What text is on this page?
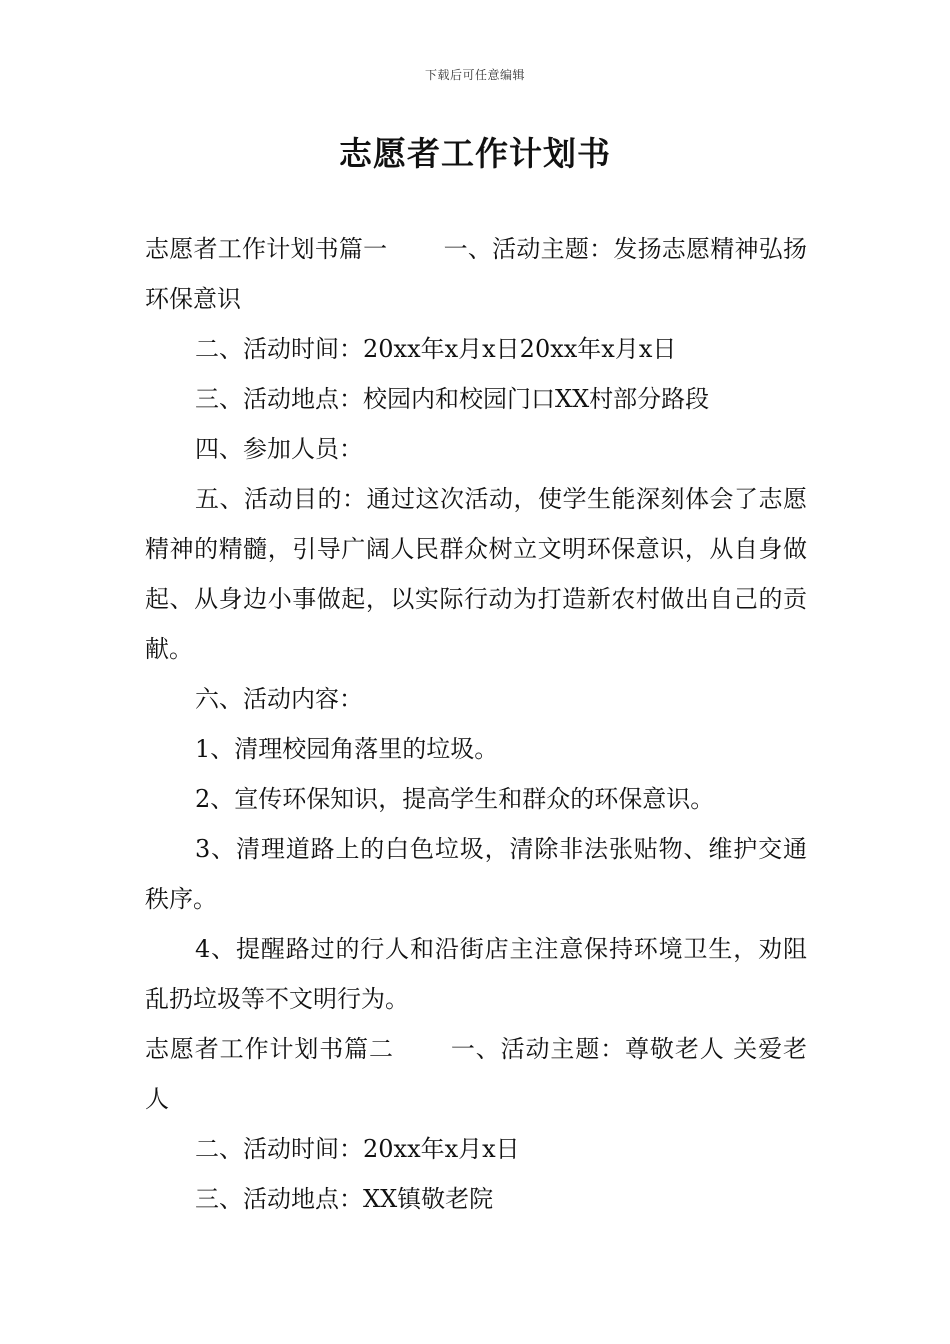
下载后可任意编辑
志愿者工作计划书

志愿者工作计划书篇一 一、活动主题：发扬志愿精神弘扬环保意识

二、活动时间：20xx年x月x日20xx年x月x日

三、活动地点：校园内和校园门口XX村部分路段

四、参加人员：

五、活动目的：通过这次活动，使学生能深刻体会了志愿精神的精髓，引导广阔人民群众树立文明环保意识，从自身做起、从身边小事做起，以实际行动为打造新农村做出自己的贡献。

六、活动内容：

1、清理校园角落里的垃圾。

2、宣传环保知识，提高学生和群众的环保意识。

3、清理道路上的白色垃圾，清除非法张贴物、维护交通秩序。

4、提醒路过的行人和沿街店主注意保持环境卫生，劝阻乱扔垃圾等不文明行为。

志愿者工作计划书篇二 一、活动主题：尊敬老人 关爱老人

二、活动时间：20xx年x月x日

三、活动地点：XX镇敬老院
